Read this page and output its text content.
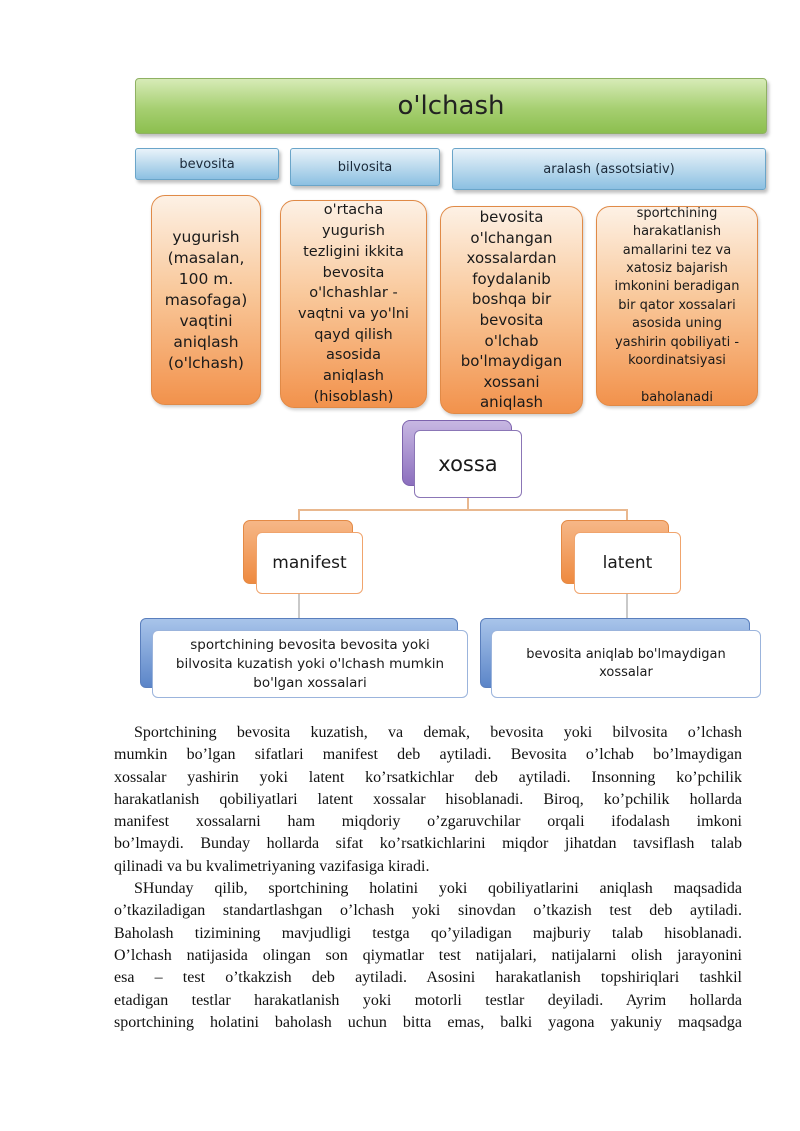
o'lchash
bevosita	bilvosita	aralash (assotsiativ)
yugurish
(masalan,
100 m.
masofaga)
vaqtini
aniqlash
(o'lchash)
o'rtacha
yugurish
tezligini ikkita
bevosita
o'lchashlar -
vaqtni va yo'lni
qayd qilish
asosida
aniqlash
(hisoblash)
bevosita
o'lchangan
xossalardan
foydalanib
boshqa bir
bevosita
o'lchab
bo'lmaydigan
xossani
aniqlash
sportchining
harakatlanish
amallarini tez va
xatosiz bajarish
imkonini beradigan
bir qator xossalari
asosida uning
yashirin qobiliyati -
koordinatsiyasi

baholanadi
xossa
manifest	latent
sportchining bevosita bevosita yoki
bilvosita kuzatish yoki o'lchash mumkin
bo'lgan xossalari
bevosita aniqlab bo'lmaydigan
xossalar
Sportchining bevosita kuzatish, va demak, bevosita yoki bilvosita o’lchash
mumkin bo’lgan sifatlari manifest deb aytiladi. Bevosita o’lchab bo’lmaydigan
xossalar yashirin yoki latent ko’rsatkichlar deb aytiladi. Insonning ko’pchilik
harakatlanish qobiliyatlari latent xossalar hisoblanadi. Biroq, ko’pchilik hollarda
manifest xossalarni ham miqdoriy o’zgaruvchilar orqali ifodalash imkoni
bo’lmaydi. Bunday hollarda sifat ko’rsatkichlarini miqdor jihatdan tavsiflash talab
qilinadi va bu kvalimetriyaning vazifasiga kiradi.
SHunday qilib, sportchining holatini yoki qobiliyatlarini aniqlash maqsadida
o’tkaziladigan standartlashgan o’lchash yoki sinovdan o’tkazish test deb aytiladi.
Baholash tizimining mavjudligi testga qo’yiladigan majburiy talab hisoblanadi.
O’lchash natijasida olingan son qiymatlar test natijalari, natijalarni olish jarayonini
esa – test o’tkakzish deb aytiladi. Asosini harakatlanish topshiriqlari tashkil
etadigan testlar harakatlanish yoki motorli testlar deyiladi. Ayrim hollarda
sportchining holatini baholash uchun bitta emas, balki yagona yakuniy maqsadga
